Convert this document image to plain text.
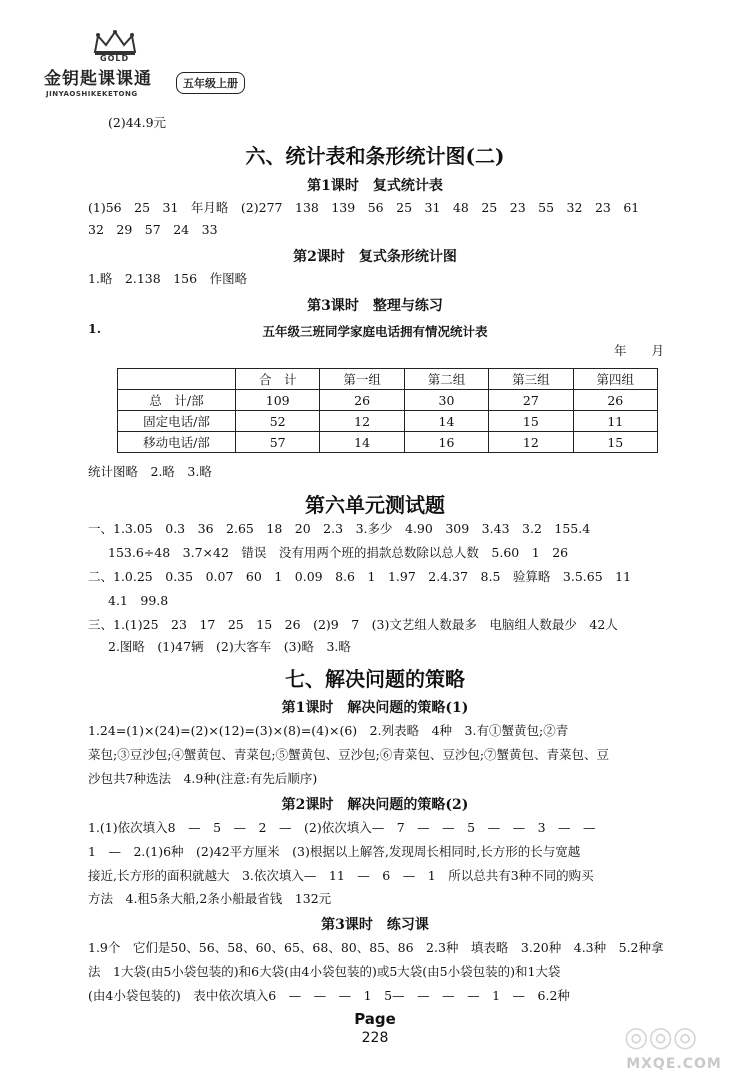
GOLD
金钥匙课课通
JINYAOSHIKEKETONG
五年级上册
(2)44.9元
六、统计表和条形统计图(二)
第1课时　复式统计表
(1)56　25　31　年月略　(2)277　138　139　56　25　31　48　25　23　55　32　23　61
32　29　57　24　33
第2课时　复式条形统计图
1.略　2.138　156　作图略
第3课时　整理与练习
1.	五年级三班同学家庭电话拥有情况统计表
年　　月
	合　计	第一组	第二组	第三组	第四组
总　计/部	109	26	30	27	26
固定电话/部	52	12	14	15	11
移动电话/部	57	14	16	12	15
统计图略　2.略　3.略
第六单元测试题
一、1.3.05　0.3　36　2.65　18　20　2.3　3.多少　4.90　309　3.43　3.2　155.4
153.6÷48　3.7×42　错误　没有用两个班的捐款总数除以总人数　5.60　1　26
二、1.0.25　0.35　0.07　60　1　0.09　8.6　1　1.97　2.4.37　8.5　验算略　3.5.65　11
4.1　99.8
三、1.(1)25　23　17　25　15　26　(2)9　7　(3)文艺组人数最多　电脑组人数最少　42人
2.图略　(1)47辆　(2)大客车　(3)略　3.略
七、解决问题的策略
第1课时　解决问题的策略(1)
1.24=(1)×(24)=(2)×(12)=(3)×(8)=(4)×(6)　2.列表略　4种　3.有①蟹黄包;②青
菜包;③豆沙包;④蟹黄包、青菜包;⑤蟹黄包、豆沙包;⑥青菜包、豆沙包;⑦蟹黄包、青菜包、豆
沙包共7种选法　4.9种(注意:有先后顺序)
第2课时　解决问题的策略(2)
1.(1)依次填入8　—　5　—　2　—　(2)依次填入—　7　—　—　5　—　—　3　—　—
1　—　2.(1)6种　(2)42平方厘米　(3)根据以上解答,发现周长相同时,长方形的长与宽越
接近,长方形的面积就越大　3.依次填入—　11　—　6　—　1　所以总共有3种不同的购买
方法　4.租5条大船,2条小船最省钱　132元
第3课时　练习课
1.9个　它们是50、56、58、60、65、68、80、85、86　2.3种　填表略　3.20种　4.3种　5.2种拿
法　1大袋(由5小袋包装的)和6大袋(由4小袋包装的)或5大袋(由5小袋包装的)和1大袋
(由4小袋包装的)　表中依次填入6　—　—　—　1　5—　—　—　—　1　—　6.2种
Page
228	◎◎◎
MXQE.COM
